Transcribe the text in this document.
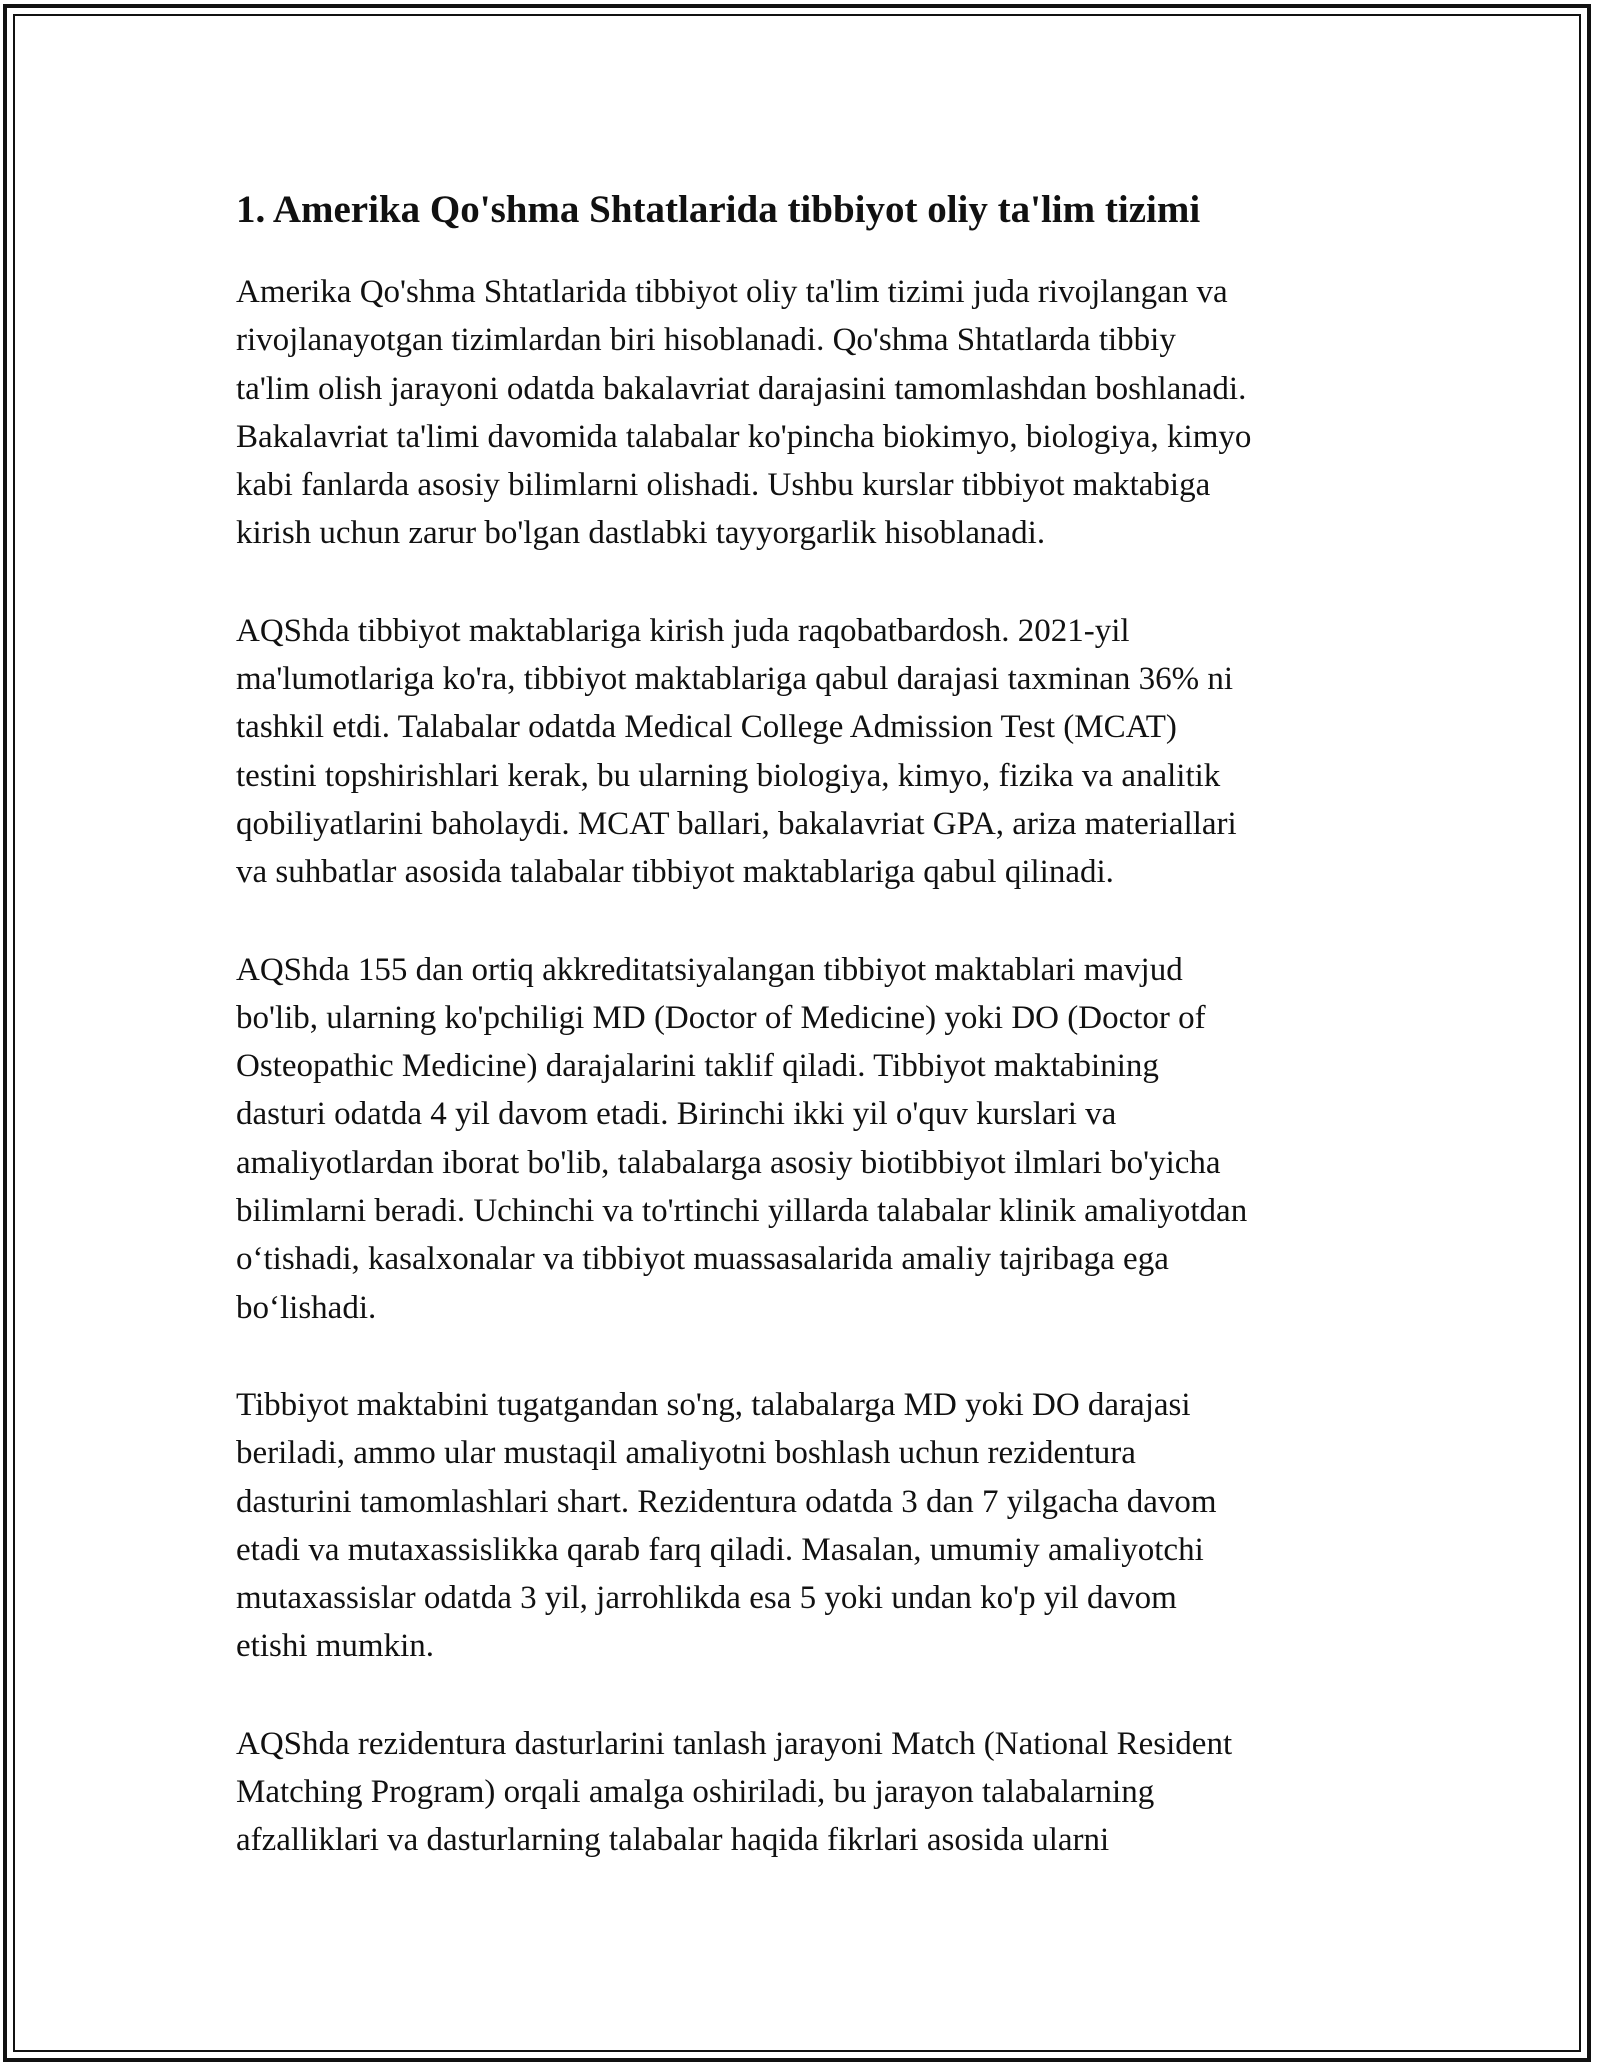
1. Amerika Qo'shma Shtatlarida tibbiyot oliy ta'lim tizimi

Amerika Qo'shma Shtatlarida tibbiyot oliy ta'lim tizimi juda rivojlangan va
rivojlanayotgan tizimlardan biri hisoblanadi. Qo'shma Shtatlarda tibbiy
ta'lim olish jarayoni odatda bakalavriat darajasini tamomlashdan boshlanadi.
Bakalavriat ta'limi davomida talabalar ko'pincha biokimyo, biologiya, kimyo
kabi fanlarda asosiy bilimlarni olishadi. Ushbu kurslar tibbiyot maktabiga
kirish uchun zarur bo'lgan dastlabki tayyorgarlik hisoblanadi.

AQShda tibbiyot maktablariga kirish juda raqobatbardosh. 2021-yil
ma'lumotlariga ko'ra, tibbiyot maktablariga qabul darajasi taxminan 36% ni
tashkil etdi. Talabalar odatda Medical College Admission Test (MCAT)
testini topshirishlari kerak, bu ularning biologiya, kimyo, fizika va analitik
qobiliyatlarini baholaydi. MCAT ballari, bakalavriat GPA, ariza materiallari
va suhbatlar asosida talabalar tibbiyot maktablariga qabul qilinadi.

AQShda 155 dan ortiq akkreditatsiyalangan tibbiyot maktablari mavjud
bo'lib, ularning ko'pchiligi MD (Doctor of Medicine) yoki DO (Doctor of
Osteopathic Medicine) darajalarini taklif qiladi. Tibbiyot maktabining
dasturi odatda 4 yil davom etadi. Birinchi ikki yil o'quv kurslari va
amaliyotlardan iborat bo'lib, talabalarga asosiy biotibbiyot ilmlari bo'yicha
bilimlarni beradi. Uchinchi va to'rtinchi yillarda talabalar klinik amaliyotdan
o‘tishadi, kasalxonalar va tibbiyot muassasalarida amaliy tajribaga ega
bo‘lishadi.

Tibbiyot maktabini tugatgandan so'ng, talabalarga MD yoki DO darajasi
beriladi, ammo ular mustaqil amaliyotni boshlash uchun rezidentura
dasturini tamomlashlari shart. Rezidentura odatda 3 dan 7 yilgacha davom
etadi va mutaxassislikka qarab farq qiladi. Masalan, umumiy amaliyotchi
mutaxassislar odatda 3 yil, jarrohlikda esa 5 yoki undan ko'p yil davom
etishi mumkin.

AQShda rezidentura dasturlarini tanlash jarayoni Match (National Resident
Matching Program) orqali amalga oshiriladi, bu jarayon talabalarning
afzalliklari va dasturlarning talabalar haqida fikrlari asosida ularni
